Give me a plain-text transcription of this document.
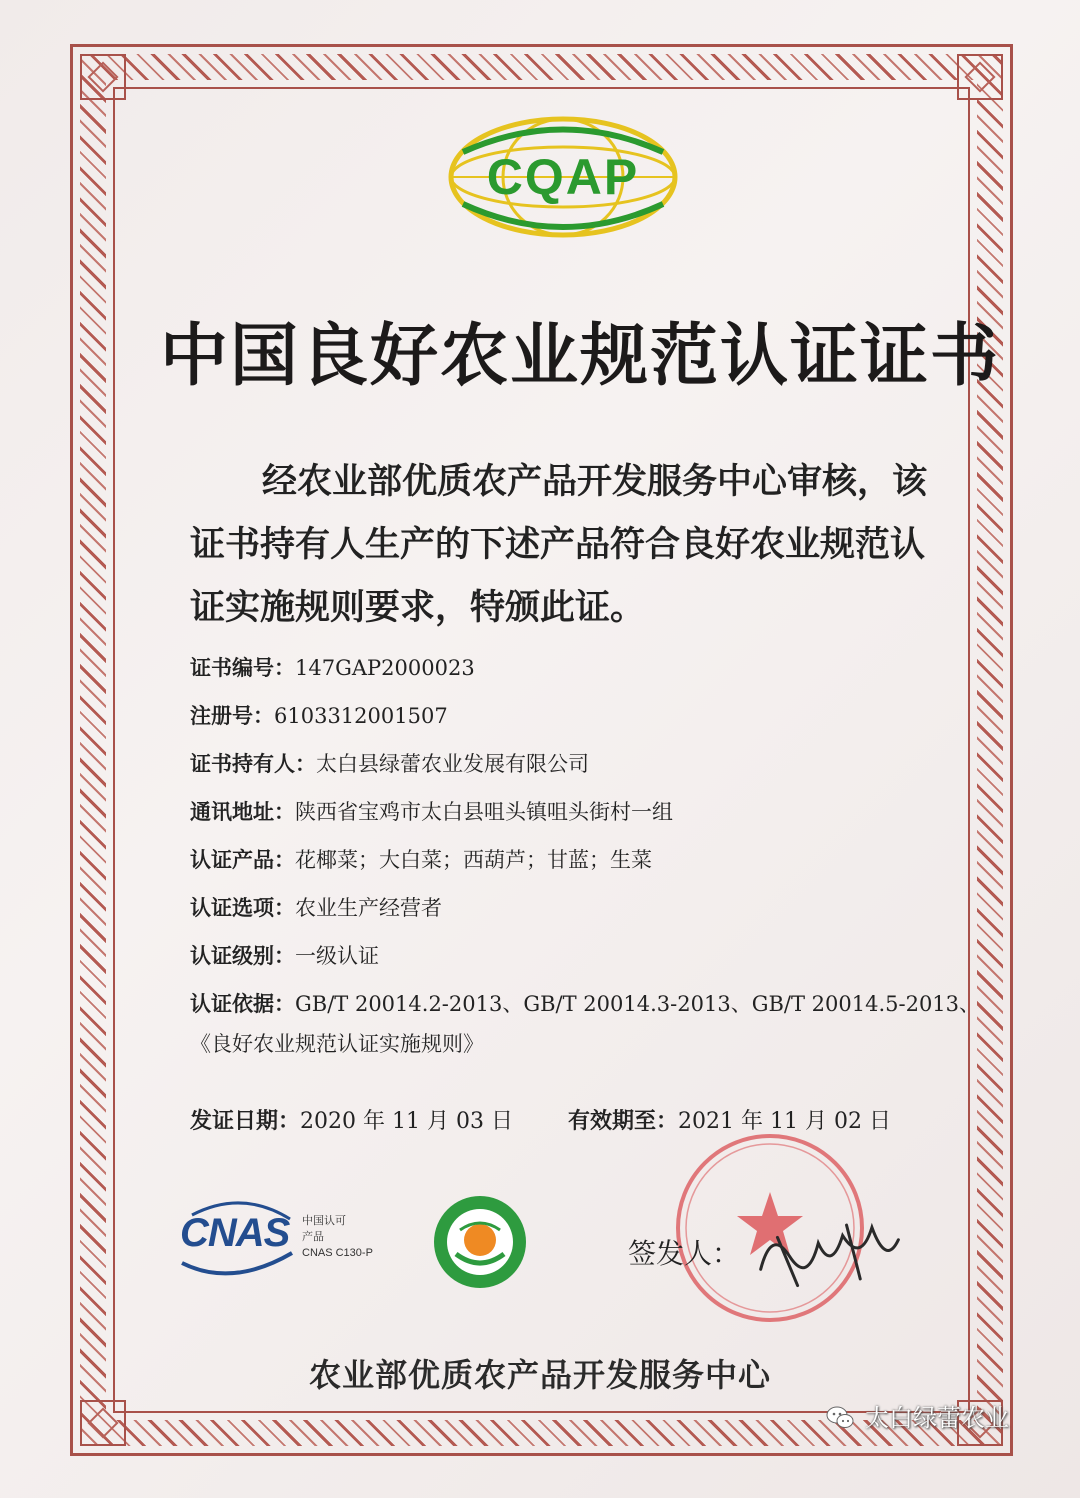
CQAP
中国良好农业规范认证证书
经农业部优质农产品开发服务中心审核，该证书持有人生产的下述产品符合良好农业规范认证实施规则要求，特颁此证。
证书编号：147GAP2000023
注册号：6103312001507
证书持有人：太白县绿蕾农业发展有限公司
通讯地址：陕西省宝鸡市太白县咀头镇咀头街村一组
认证产品：花椰菜；大白菜；西葫芦；甘蓝；生菜
认证选项：农业生产经营者
认证级别：一级认证
认证依据：GB/T 20014.2-2013、GB/T 20014.3-2013、GB/T 20014.5-2013、
《良好农业规范认证实施规则》
发证日期：2020 年 11 月 03 日	有效期至：2021 年 11 月 02 日
CNAS 中国认可
产品
CNAS C130-P	签发人：
农业部优质农产品开发服务中心
太白绿蕾农业
